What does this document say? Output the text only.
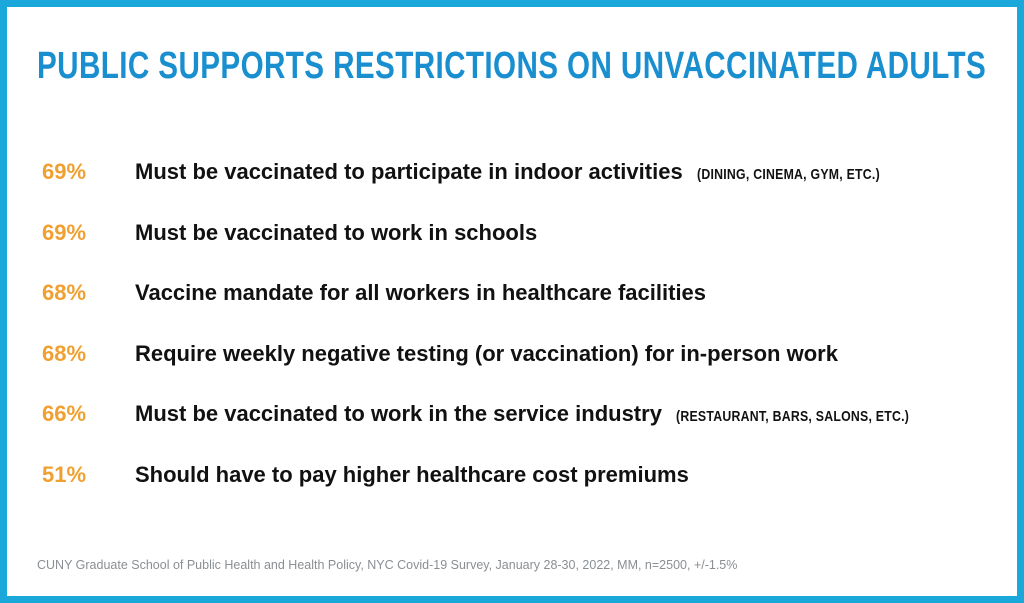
PUBLIC SUPPORTS RESTRICTIONS ON UNVACCINATED ADULTS
69% Must be vaccinated to participate in indoor activities (DINING, CINEMA, GYM, ETC.)
69% Must be vaccinated to work in schools
68% Vaccine mandate for all workers in healthcare facilities
68% Require weekly negative testing (or vaccination) for in-person work
66% Must be vaccinated to work in the service industry (RESTAURANT, BARS, SALONS, ETC.)
51% Should have to pay higher healthcare cost premiums
CUNY Graduate School of Public Health and Health Policy, NYC Covid-19 Survey, January 28-30, 2022, MM, n=2500, +/-1.5%
